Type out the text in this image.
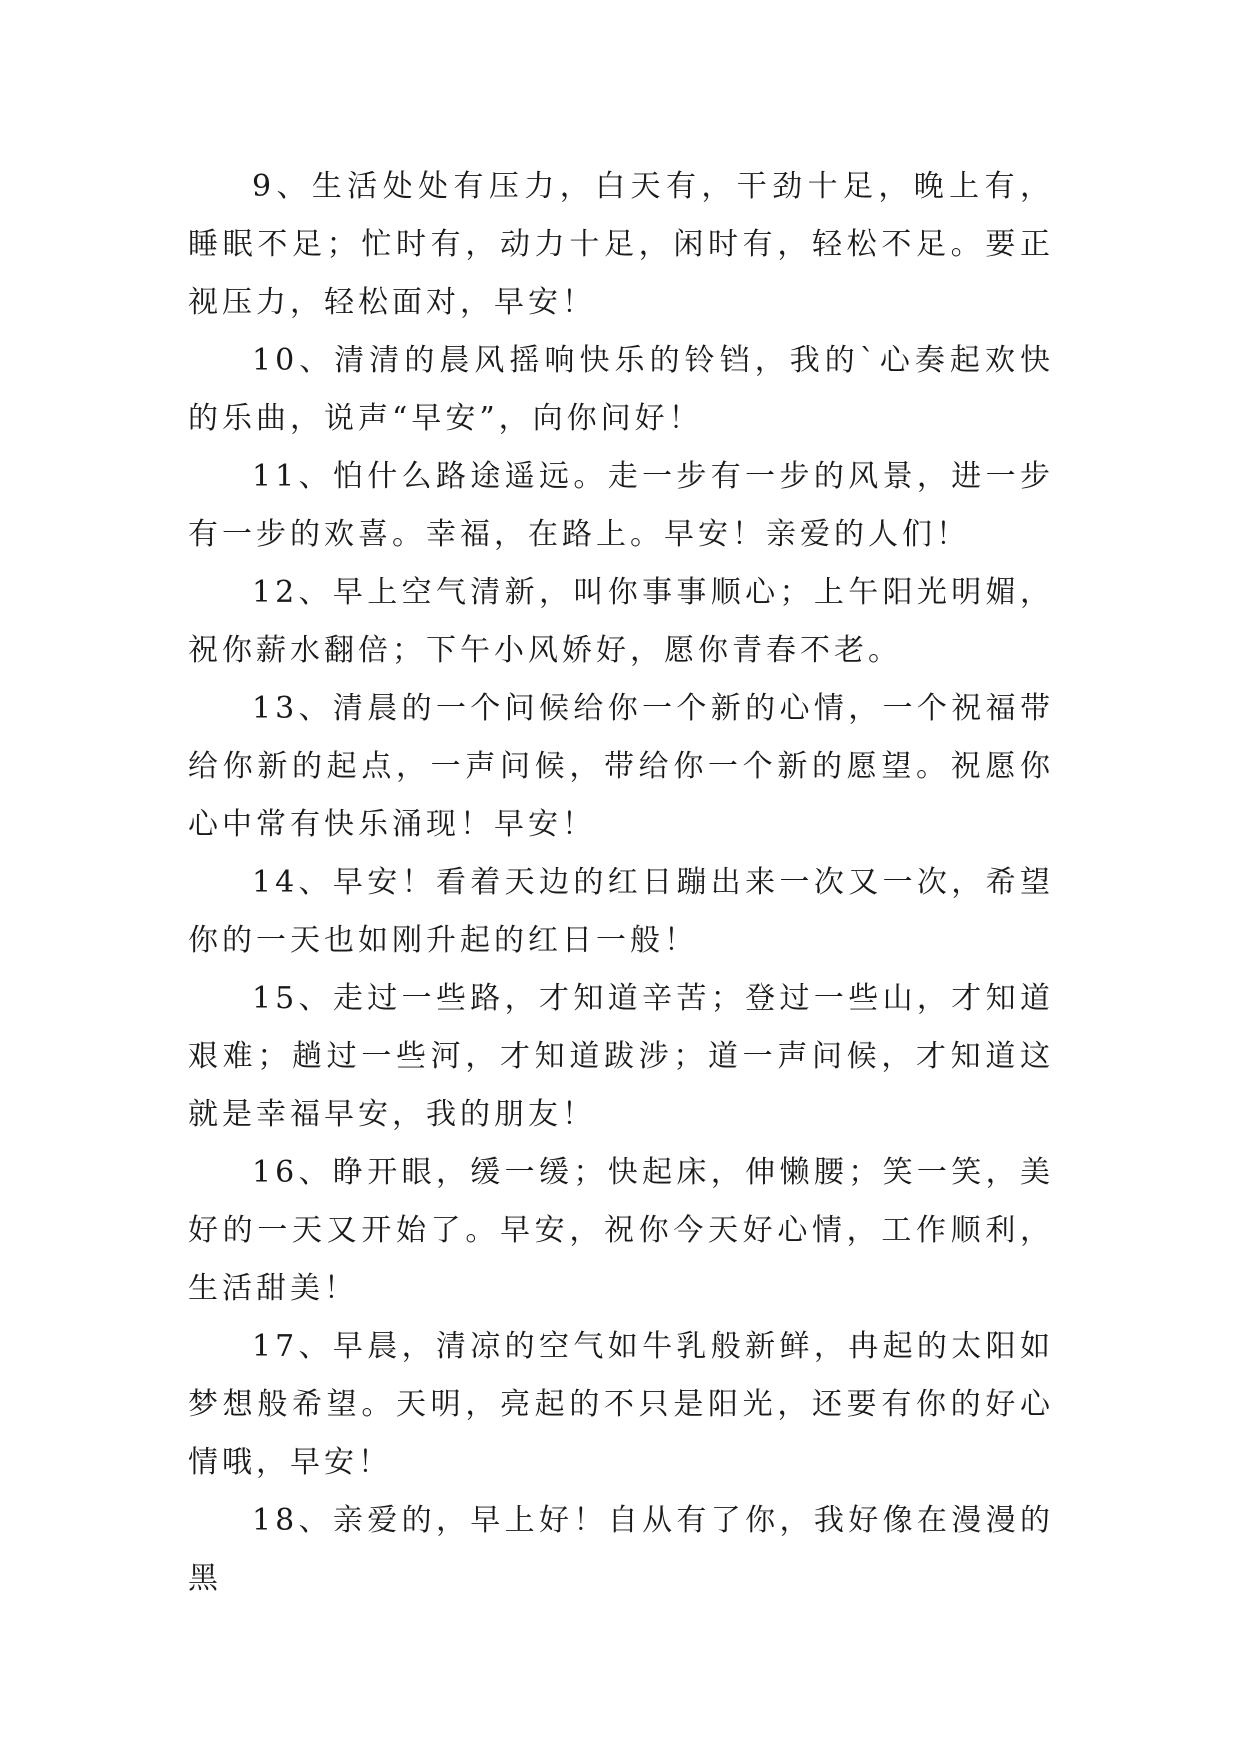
9、生活处处有压力，白天有，干劲十足，晚上有，睡眠不足；忙时有，动力十足，闲时有，轻松不足。要正视压力，轻松面对，早安！

10、清清的晨风摇响快乐的铃铛，我的`心奏起欢快的乐曲，说声“早安”，向你问好！

11、怕什么路途遥远。走一步有一步的风景，进一步有一步的欢喜。幸福，在路上。早安！亲爱的人们！

12、早上空气清新，叫你事事顺心；上午阳光明媚，祝你薪水翻倍；下午小风娇好，愿你青春不老。

13、清晨的一个问候给你一个新的心情，一个祝福带给你新的起点，一声问候，带给你一个新的愿望。祝愿你心中常有快乐涌现！早安！

14、早安！看着天边的红日蹦出来一次又一次，希望你的一天也如刚升起的红日一般！

15、走过一些路，才知道辛苦；登过一些山，才知道艰难；趟过一些河，才知道跋涉；道一声问候，才知道这就是幸福早安，我的朋友！

16、睁开眼，缓一缓；快起床，伸懒腰；笑一笑，美好的一天又开始了。早安，祝你今天好心情，工作顺利，生活甜美！

17、早晨，清凉的空气如牛乳般新鲜，冉起的太阳如梦想般希望。天明，亮起的不只是阳光，还要有你的好心情哦，早安！

18、亲爱的，早上好！自从有了你，我好像在漫漫的黑
